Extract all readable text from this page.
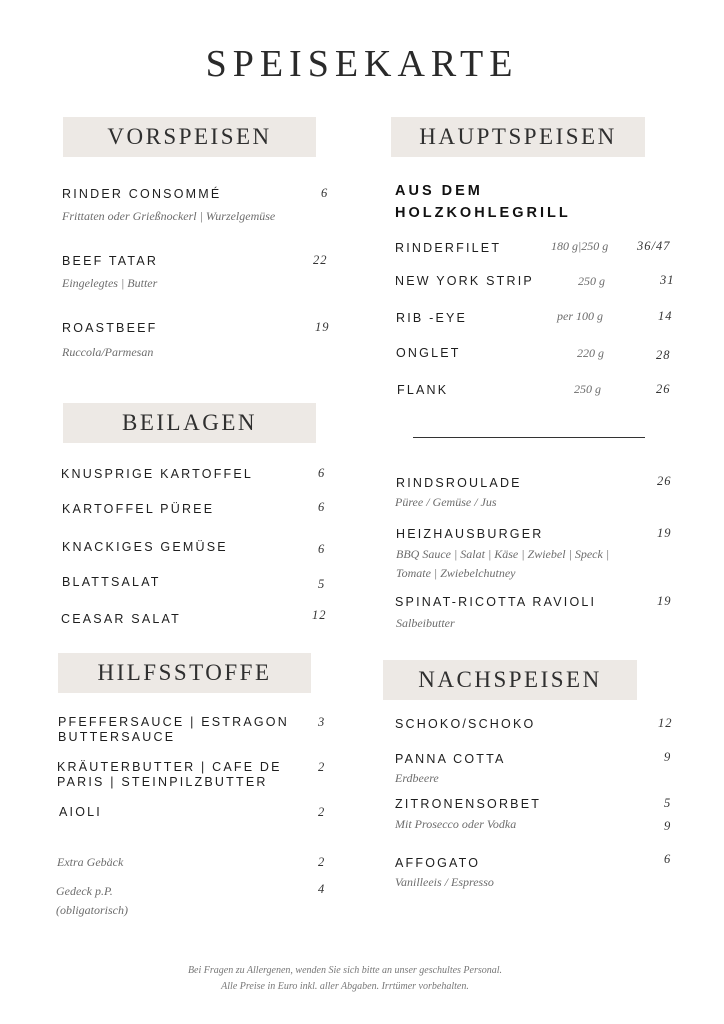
SPEISEKARTE
VORSPEISEN
RINDER CONSOMMÉ	6
Frittaten oder Grießnockerl | Wurzelgemüse
BEEF TATAR	22
Eingelegtes | Butter
ROASTBEEF	19
Ruccola/Parmesan
BEILAGEN
KNUSPRIGE KARTOFFEL	6
KARTOFFEL PÜREE	6
KNACKIGES GEMÜSE	6
BLATTSALAT	5
CEASAR SALAT	12
HILFSSTOFFE
PFEFFERSAUCE | ESTRAGON BUTTERSAUCE
3
KRÄUTERBUTTER | CAFE DE PARIS | STEINPILZBUTTER
2
AIOLI	2
Extra Gebäck	2
Gedeck p.P. (obligatorisch)
4
HAUPTSPEISEN
AUS DEM HOLZKOHLEGRILL
RINDERFILET	180 g|250 g 36/47
NEW YORK STRIP	250 g	31
RIB -EYE	per 100 g	14
ONGLET	220 g	28
FLANK	250 g	26
RINDSROULADE	26
Püree / Gemüse / Jus
HEIZHAUSBURGER	19
BBQ Sauce | Salat | Käse | Zwiebel | Speck | Tomate | Zwiebelchutney
SPINAT-RICOTTA RAVIOLI	19
Salbeibutter
NACHSPEISEN
SCHOKO/SCHOKO	12
PANNA COTTA	9
Erdbeere
ZITRONENSORBET	5
9
Mit Prosecco oder Vodka
AFFOGATO	6
Vanilleeis / Espresso
Bei Fragen zu Allergenen, wenden Sie sich bitte an unser geschultes Personal.
Alle Preise in Euro inkl. aller Abgaben. Irrtümer vorbehalten.
